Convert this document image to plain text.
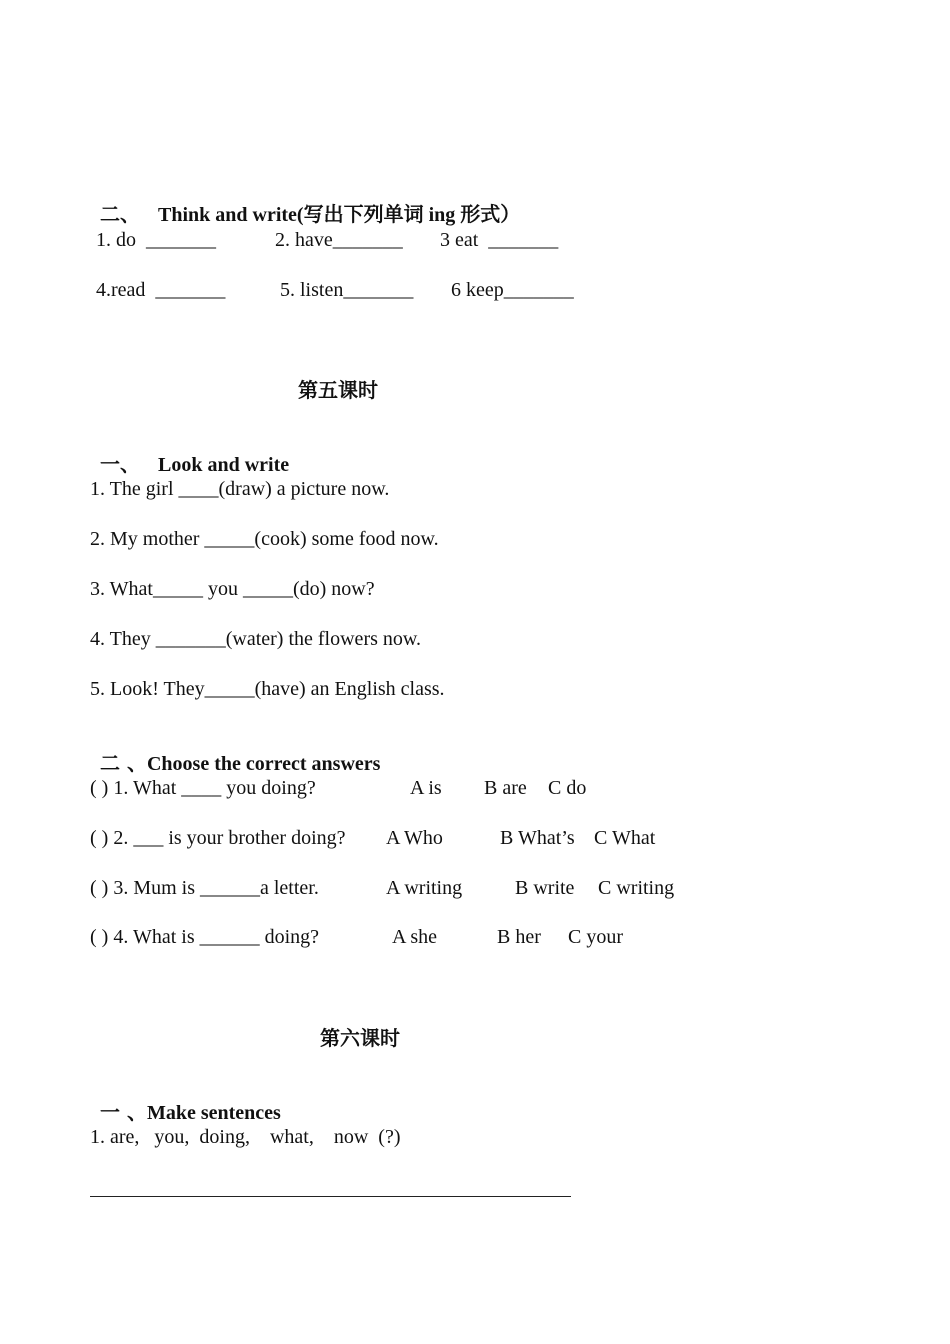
二、 Think and write(写出下列单词 ing 形式）

1. do  _______	2. have_______ 3 eat  _______
4.read  _______	5. listen_______ 6 keep_______
第五课时

一、 Look and write

1. The girl ____(draw) a picture now.
2. My mother _____(cook) some food now.
3. What_____ you _____(do) now?
4. They _______(water) the flowers now.
5. Look! They_____(have) an English class.

二 、Choose the correct answers

( ) 1. What ____ you doing?	A is B are C do
( ) 2. ___ is your brother doing? A Who	B What’s C What
( ) 3. Mum is ______a letter.	A writing	B write C writing
( ) 4. What is ______ doing?	A she	B her C your
第六课时

一 、Make sentences

1. are,   you,  doing,    what,    now  (?)
